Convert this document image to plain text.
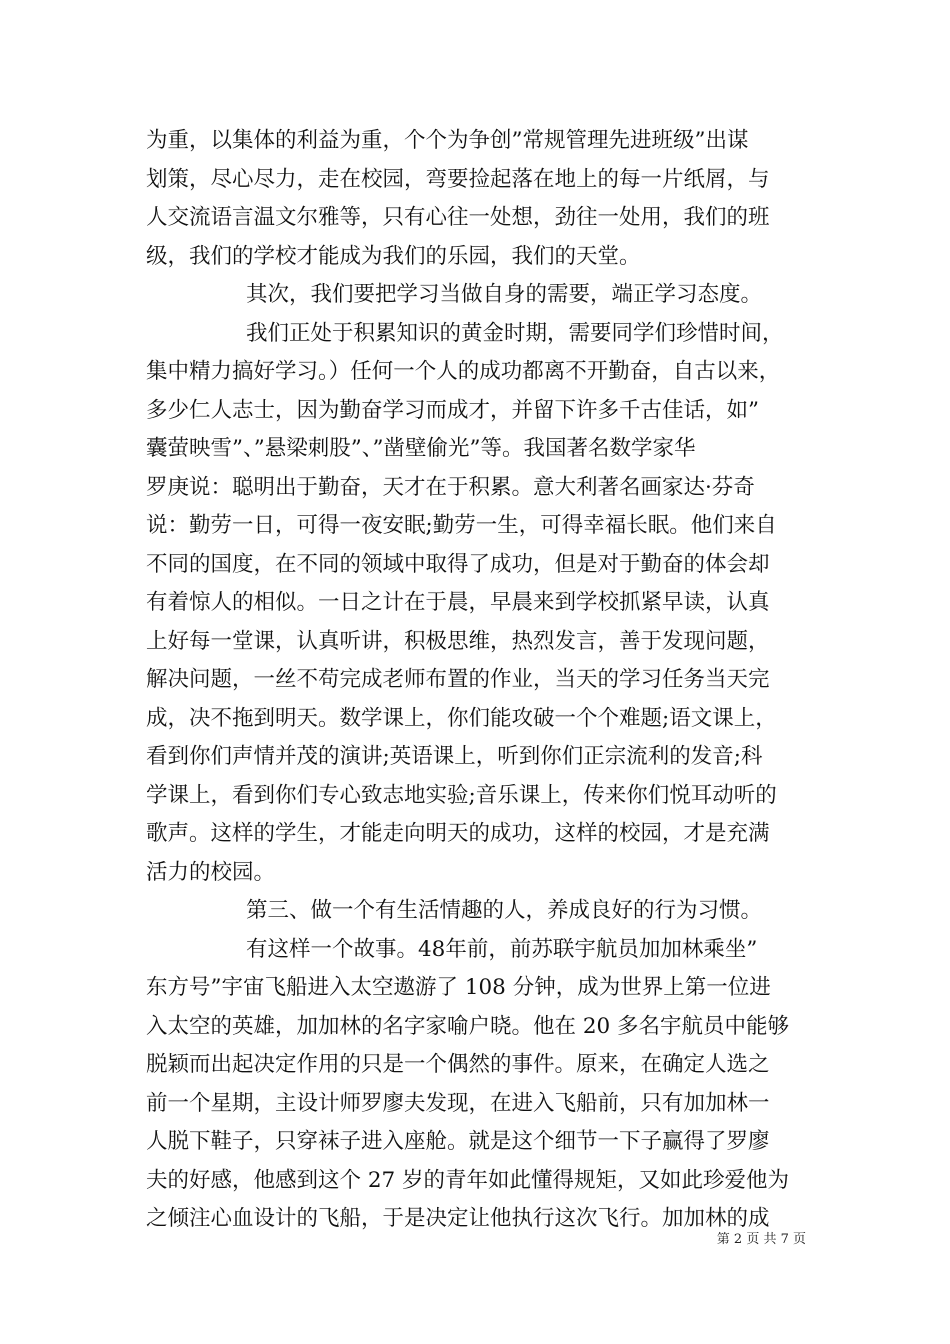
为重，以集体的利益为重，个个为争创”常规管理先进班级”出谋
划策，尽心尽力，走在校园，弯要捡起落在地上的每一片纸屑，与
人交流语言温文尔雅等，只有心往一处想，劲往一处用，我们的班
级，我们的学校才能成为我们的乐园，我们的天堂。
其次，我们要把学习当做自身的需要，端正学习态度。
我们正处于积累知识的黄金时期，需要同学们珍惜时间，
集中精力搞好学习。）任何一个人的成功都离不开勤奋，自古以来，
多少仁人志士，因为勤奋学习而成才，并留下许多千古佳话，如”
囊萤映雪”、”悬梁刺股”、”凿壁偷光”等。我国著名数学家华
罗庚说：聪明出于勤奋，天才在于积累。意大利著名画家达·芬奇
说：勤劳一日，可得一夜安眠;勤劳一生，可得幸福长眠。他们来自
不同的国度，在不同的领域中取得了成功，但是对于勤奋的体会却
有着惊人的相似。一日之计在于晨，早晨来到学校抓紧早读，认真
上好每一堂课，认真听讲，积极思维，热烈发言，善于发现问题，
解决问题，一丝不苟完成老师布置的作业，当天的学习任务当天完
成，决不拖到明天。数学课上，你们能攻破一个个难题;语文课上，
看到你们声情并茂的演讲;英语课上，听到你们正宗流利的发音;科
学课上，看到你们专心致志地实验;音乐课上，传来你们悦耳动听的
歌声。这样的学生，才能走向明天的成功，这样的校园，才是充满
活力的校园。
第三、做一个有生活情趣的人，养成良好的行为习惯。
有这样一个故事。48年前，前苏联宇航员加加林乘坐”
东方号”宇宙飞船进入太空遨游了 108 分钟，成为世界上第一位进
入太空的英雄，加加林的名字家喻户晓。他在 20 多名宇航员中能够
脱颖而出起决定作用的只是一个偶然的事件。原来，在确定人选之
前一个星期，主设计师罗廖夫发现，在进入飞船前，只有加加林一
人脱下鞋子，只穿袜子进入座舱。就是这个细节一下子赢得了罗廖
夫的好感，他感到这个 27 岁的青年如此懂得规矩，又如此珍爱他为
之倾注心血设计的飞船，于是决定让他执行这次飞行。加加林的成
第 2 页 共 7 页
